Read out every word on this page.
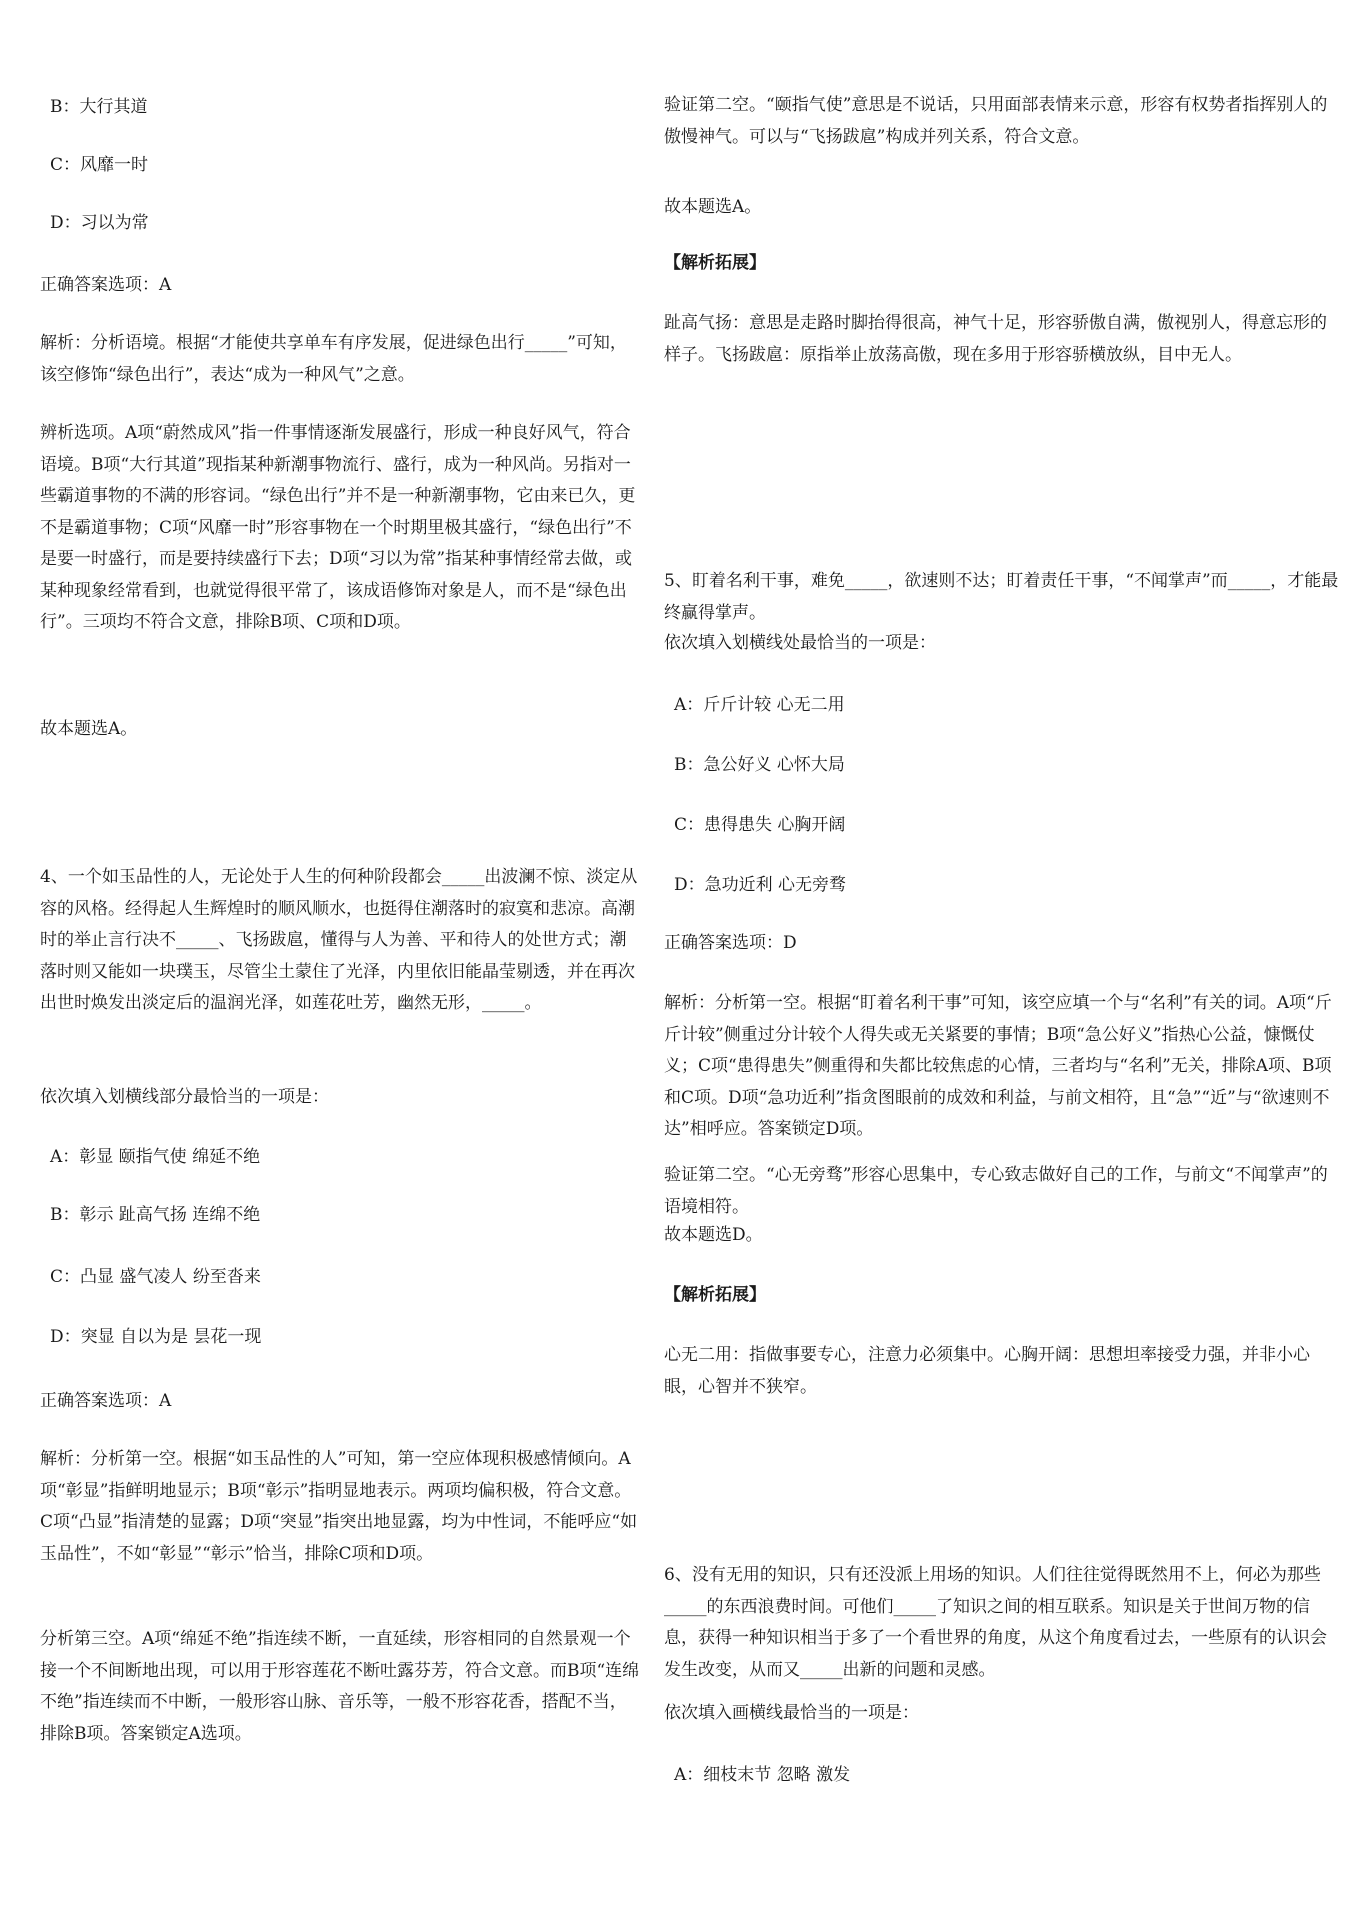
B：大行其道

C：风靡一时

D：习以为常

正确答案选项：A

解析：分析语境。根据“才能使共享单车有序发展，促进绿色出行_____”可知，该空修饰“绿色出行”，表达“成为一种风气”之意。

辨析选项。A项“蔚然成风”指一件事情逐渐发展盛行，形成一种良好风气，符合语境。B项“大行其道”现指某种新潮事物流行、盛行，成为一种风尚。另指对一些霸道事物的不满的形容词。“绿色出行”并不是一种新潮事物，它由来已久，更不是霸道事物；C项“风靡一时”形容事物在一个时期里极其盛行，“绿色出行”不是要一时盛行，而是要持续盛行下去；D项“习以为常”指某种事情经常去做，或某种现象经常看到，也就觉得很平常了，该成语修饰对象是人，而不是“绿色出行”。三项均不符合文意，排除B项、C项和D项。

故本题选A。

4、一个如玉品性的人，无论处于人生的何种阶段都会_____出波澜不惊、淡定从容的风格。经得起人生辉煌时的顺风顺水，也挺得住潮落时的寂寞和悲凉。高潮时的举止言行决不_____、飞扬跋扈，懂得与人为善、平和待人的处世方式；潮落时则又能如一块璞玉，尽管尘土蒙住了光泽，内里依旧能晶莹剔透，并在再次出世时焕发出淡定后的温润光泽，如莲花吐芳，幽然无形，_____。

依次填入划横线部分最恰当的一项是：

A：彰显 颐指气使 绵延不绝

B：彰示 趾高气扬 连绵不绝

C：凸显 盛气凌人 纷至沓来

D：突显 自以为是 昙花一现

正确答案选项：A

解析：分析第一空。根据“如玉品性的人”可知，第一空应体现积极感情倾向。A项“彰显”指鲜明地显示；B项“彰示”指明显地表示。两项均偏积极，符合文意。C项“凸显”指清楚的显露；D项“突显”指突出地显露，均为中性词，不能呼应“如玉品性”，不如“彰显”“彰示”恰当，排除C项和D项。

分析第三空。A项“绵延不绝”指连续不断，一直延续，形容相同的自然景观一个接一个不间断地出现，可以用于形容莲花不断吐露芬芳，符合文意。而B项“连绵不绝”指连续而不中断，一般形容山脉、音乐等，一般不形容花香，搭配不当，排除B项。答案锁定A选项。

验证第二空。“颐指气使”意思是不说话，只用面部表情来示意，形容有权势者指挥别人的傲慢神气。可以与“飞扬跋扈”构成并列关系，符合文意。

故本题选A。

【解析拓展】

趾高气扬：意思是走路时脚抬得很高，神气十足，形容骄傲自满，傲视别人，得意忘形的样子。飞扬跋扈：原指举止放荡高傲，现在多用于形容骄横放纵，目中无人。

5、盯着名利干事，难免_____，欲速则不达；盯着责任干事，“不闻掌声”而_____，才能最终赢得掌声。

依次填入划横线处最恰当的一项是：

A：斤斤计较 心无二用

B：急公好义 心怀大局

C：患得患失 心胸开阔

D：急功近利 心无旁骛

正确答案选项：D

解析：分析第一空。根据“盯着名利干事”可知，该空应填一个与“名利”有关的词。A项“斤斤计较”侧重过分计较个人得失或无关紧要的事情；B项“急公好义”指热心公益，慷慨仗义；C项“患得患失”侧重得和失都比较焦虑的心情，三者均与“名利”无关，排除A项、B项和C项。D项“急功近利”指贪图眼前的成效和利益，与前文相符，且“急”“近”与“欲速则不达”相呼应。答案锁定D项。

验证第二空。“心无旁骛”形容心思集中，专心致志做好自己的工作，与前文“不闻掌声”的语境相符。

故本题选D。

【解析拓展】

心无二用：指做事要专心，注意力必须集中。心胸开阔：思想坦率接受力强，并非小心眼，心智并不狭窄。

6、没有无用的知识，只有还没派上用场的知识。人们往往觉得既然用不上，何必为那些_____的东西浪费时间。可他们_____了知识之间的相互联系。知识是关于世间万物的信息，获得一种知识相当于多了一个看世界的角度，从这个角度看过去，一些原有的认识会发生改变，从而又_____出新的问题和灵感。

依次填入画横线最恰当的一项是：

A：细枝末节 忽略 激发
